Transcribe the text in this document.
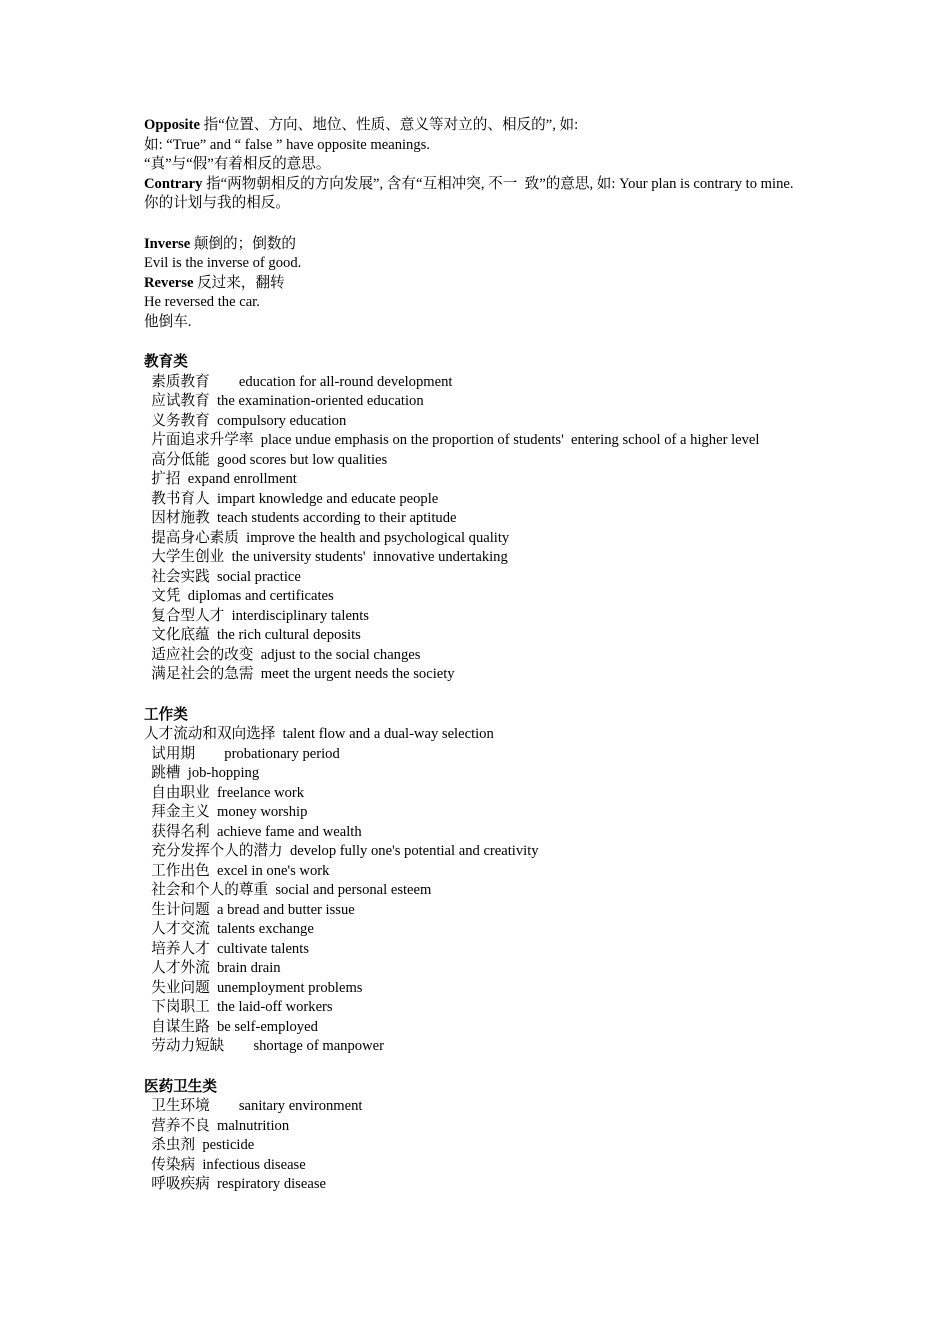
Opposite 指“位置、方向、地位、性质、意义等对立的、相反的”, 如:
如: “True” and “ false ” have opposite meanings.
“真”与“假”有着相反的意思。
Contrary 指“两物朝相反的方向发展”, 含有“互相冲突, 不一  致”的意思, 如: Your plan is contrary to mine.
你的计划与我的相反。
Inverse 颠倒的；倒数的
Evil is the inverse of good.
Reverse 反过来，翻转
He reversed the car.
他倒车.
教育类
素质教育        education for all-round development
应试教育  the examination-oriented education
义务教育  compulsory education
片面追求升学率  place undue emphasis on the proportion of students'  entering school of a higher level
高分低能  good scores but low qualities
扩招  expand enrollment
教书育人  impart knowledge and educate people
因材施教  teach students according to their aptitude
提高身心素质  improve the health and psychological quality
大学生创业  the university students'  innovative undertaking
社会实践  social practice
文凭  diplomas and certificates
复合型人才  interdisciplinary talents
文化底蕴  the rich cultural deposits
适应社会的改变  adjust to the social changes
满足社会的急需  meet the urgent needs the society
工作类
人才流动和双向选择  talent flow and a dual-way selection
试用期        probationary period
跳槽  job-hopping
自由职业  freelance work
拜金主义  money worship
获得名利  achieve fame and wealth
充分发挥个人的潜力  develop fully one's potential and creativity
工作出色  excel in one's work
社会和个人的尊重  social and personal esteem
生计问题  a bread and butter issue
人才交流  talents exchange
培养人才  cultivate talents
人才外流  brain drain
失业问题  unemployment problems
下岗职工  the laid-off workers
自谋生路  be self-employed
劳动力短缺        shortage of manpower
医药卫生类
卫生环境        sanitary environment
营养不良  malnutrition
杀虫剂  pesticide
传染病  infectious disease
呼吸疾病  respiratory disease
